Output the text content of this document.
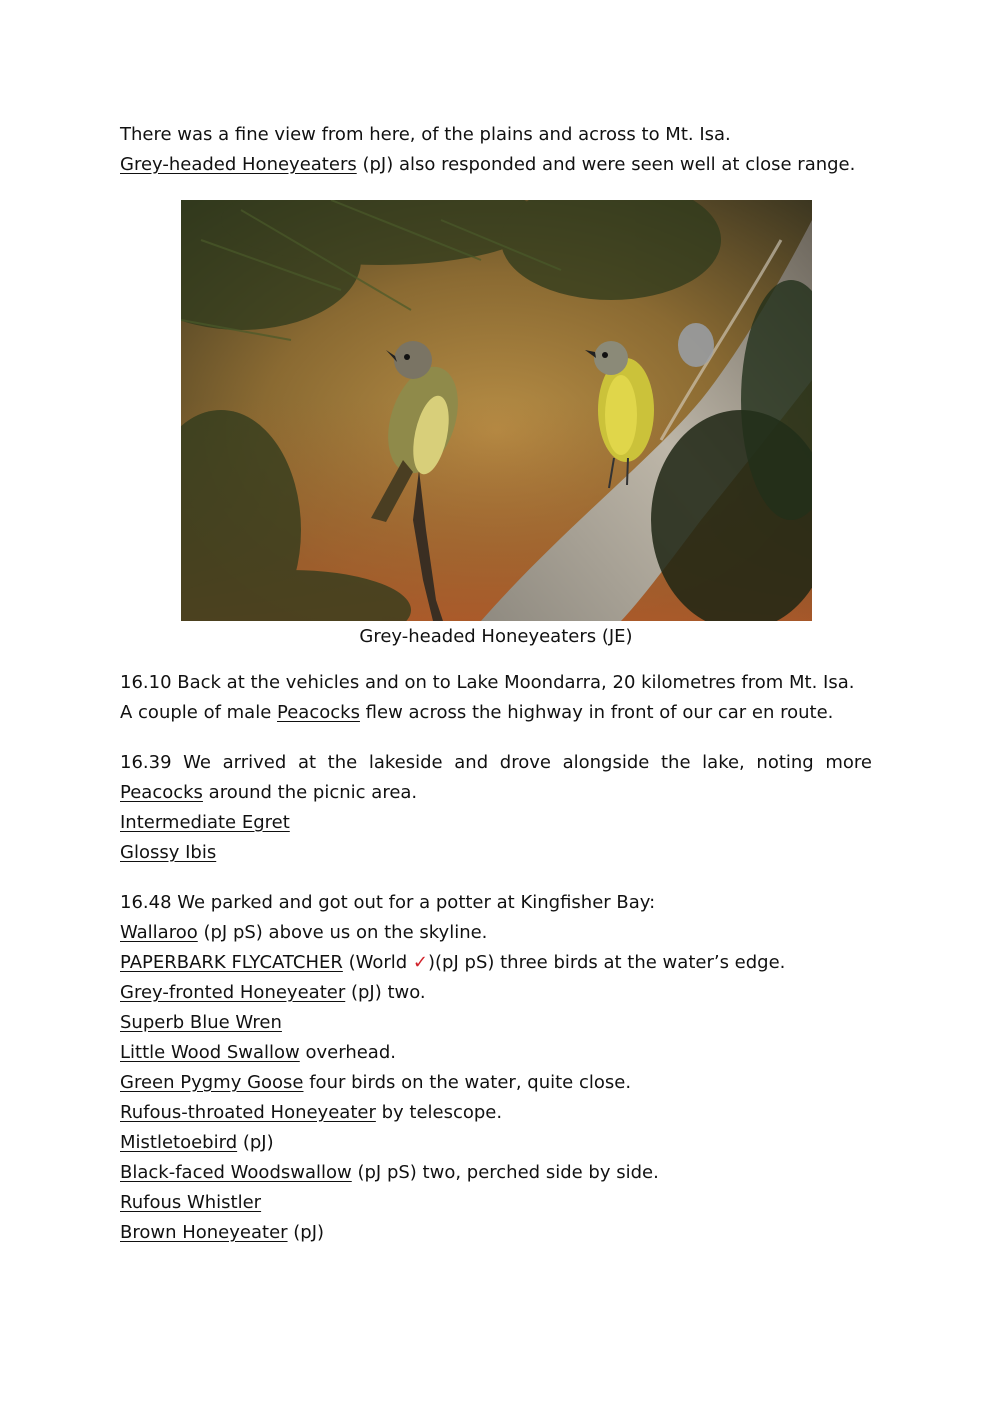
There was a fine view from here, of the plains and across to Mt. Isa.
Grey-headed Honeyeaters (pJ) also responded and were seen well at close range.
Grey-headed Honeyeaters (JE)
16.10 Back at the vehicles and on to Lake Moondarra, 20 kilometres from Mt. Isa.
A couple of male Peacocks flew across the highway in front of our car en route.
16.39 We arrived at the lakeside and drove alongside the lake, noting more
Peacocks around the picnic area.
Intermediate Egret
Glossy Ibis
16.48 We parked and got out for a potter at Kingfisher Bay:
Wallaroo (pJ pS) above us on the skyline.
PAPERBARK FLYCATCHER (World ✓)(pJ pS) three birds at the water’s edge.
Grey-fronted Honeyeater (pJ) two.
Superb Blue Wren
Little Wood Swallow overhead.
Green Pygmy Goose four birds on the water, quite close.
Rufous-throated Honeyeater by telescope.
Mistletoebird (pJ)
Black-faced Woodswallow (pJ pS) two, perched side by side.
Rufous Whistler
Brown Honeyeater (pJ)
